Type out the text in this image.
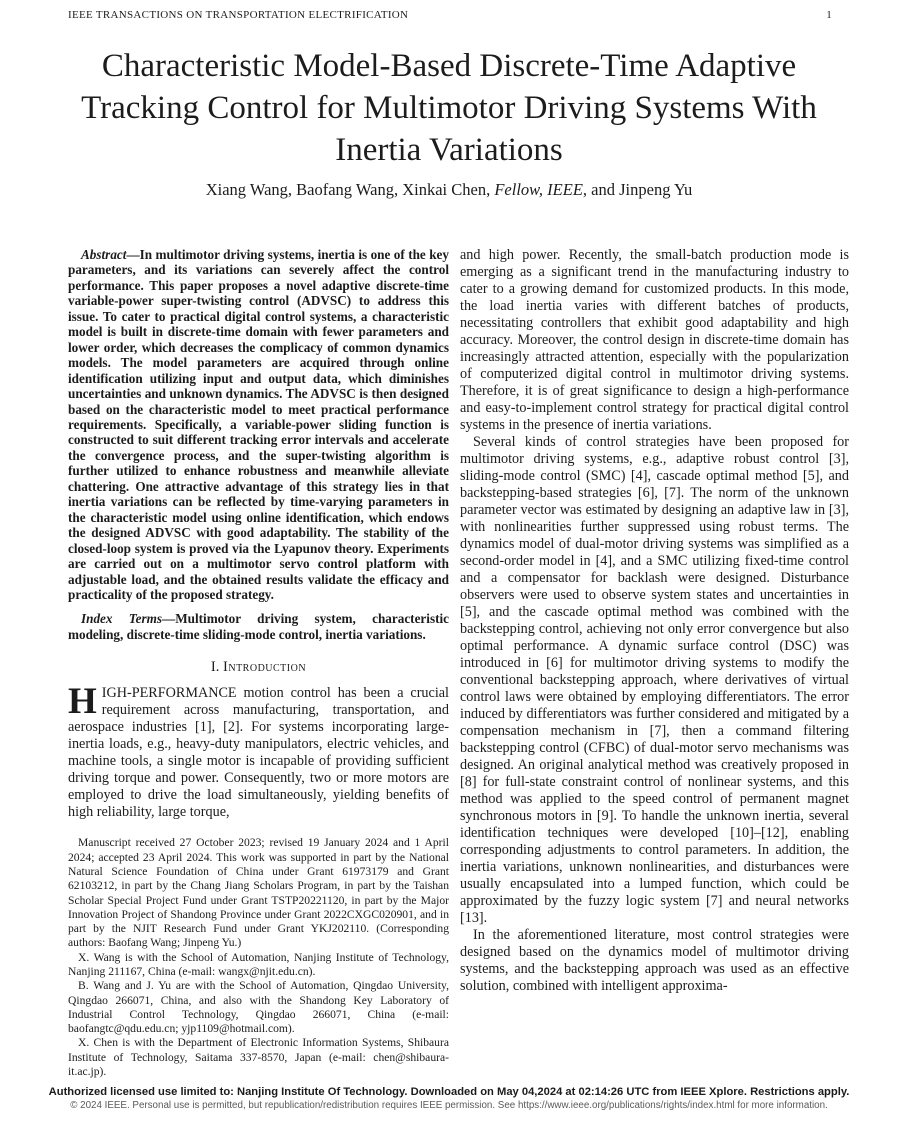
IEEE TRANSACTIONS ON TRANSPORTATION ELECTRIFICATION	1
Characteristic Model-Based Discrete-Time Adaptive Tracking Control for Multimotor Driving Systems With Inertia Variations
Xiang Wang, Baofang Wang, Xinkai Chen, Fellow, IEEE, and Jinpeng Yu

Abstract—In multimotor driving systems, inertia is one of the key parameters, and its variations can severely affect the control performance. This paper proposes a novel adaptive discrete-time variable-power super-twisting control (ADVSC) to address this issue. To cater to practical digital control systems, a characteristic model is built in discrete-time domain with fewer parameters and lower order, which decreases the complicacy of common dynamics models. The model parameters are acquired through online identification utilizing input and output data, which diminishes uncertainties and unknown dynamics. The ADVSC is then designed based on the characteristic model to meet practical performance requirements. Specifically, a variable-power sliding function is constructed to suit different tracking error intervals and accelerate the convergence process, and the super-twisting algorithm is further utilized to enhance robustness and meanwhile alleviate chattering. One attractive advantage of this strategy lies in that inertia variations can be reflected by time-varying parameters in the characteristic model using online identification, which endows the designed ADVSC with good adaptability. The stability of the closed-loop system is proved via the Lyapunov theory. Experiments are carried out on a multimotor servo control platform with adjustable load, and the obtained results validate the efficacy and practicality of the proposed strategy.

Index Terms—Multimotor driving system, characteristic modeling, discrete-time sliding-mode control, inertia variations.

I. Introduction

HIGH-PERFORMANCE motion control has been a crucial requirement across manufacturing, transportation, and aerospace industries [1], [2]. For systems incorporating large-inertia loads, e.g., heavy-duty manipulators, electric vehicles, and machine tools, a single motor is incapable of providing sufficient driving torque and power. Consequently, two or more motors are employed to drive the load simultaneously, yielding benefits of high reliability, large torque,

Manuscript received 27 October 2023; revised 19 January 2024 and 1 April 2024; accepted 23 April 2024. This work was supported in part by the National Natural Science Foundation of China under Grant 61973179 and Grant 62103212, in part by the Chang Jiang Scholars Program, in part by the Taishan Scholar Special Project Fund under Grant TSTP20221120, in part by the Major Innovation Project of Shandong Province under Grant 2022CXGC020901, and in part by the NJIT Research Fund under Grant YKJ202110. (Corresponding authors: Baofang Wang; Jinpeng Yu.)

X. Wang is with the School of Automation, Nanjing Institute of Technology, Nanjing 211167, China (e-mail: wangx@njit.edu.cn).

B. Wang and J. Yu are with the School of Automation, Qingdao University, Qingdao 266071, China, and also with the Shandong Key Laboratory of Industrial Control Technology, Qingdao 266071, China (e-mail: baofangtc@qdu.edu.cn; yjp1109@hotmail.com).

X. Chen is with the Department of Electronic Information Systems, Shibaura Institute of Technology, Saitama 337-8570, Japan (e-mail: chen@shibaura-it.ac.jp).

and high power. Recently, the small-batch production mode is emerging as a significant trend in the manufacturing industry to cater to a growing demand for customized products. In this mode, the load inertia varies with different batches of products, necessitating controllers that exhibit good adaptability and high accuracy. Moreover, the control design in discrete-time domain has increasingly attracted attention, especially with the popularization of computerized digital control in multimotor driving systems. Therefore, it is of great significance to design a high-performance and easy-to-implement control strategy for practical digital control systems in the presence of inertia variations.

Several kinds of control strategies have been proposed for multimotor driving systems, e.g., adaptive robust control [3], sliding-mode control (SMC) [4], cascade optimal method [5], and backstepping-based strategies [6], [7]. The norm of the unknown parameter vector was estimated by designing an adaptive law in [3], with nonlinearities further suppressed using robust terms. The dynamics model of dual-motor driving systems was simplified as a second-order model in [4], and a SMC utilizing fixed-time control and a compensator for backlash were designed. Disturbance observers were used to observe system states and uncertainties in [5], and the cascade optimal method was combined with the backstepping control, achieving not only error convergence but also optimal performance. A dynamic surface control (DSC) was introduced in [6] for multimotor driving systems to modify the conventional backstepping approach, where derivatives of virtual control laws were obtained by employing differentiators. The error induced by differentiators was further considered and mitigated by a compensation mechanism in [7], then a command filtering backstepping control (CFBC) of dual-motor servo mechanisms was designed. An original analytical method was creatively proposed in [8] for full-state constraint control of nonlinear systems, and this method was applied to the speed control of permanent magnet synchronous motors in [9]. To handle the unknown inertia, several identification techniques were developed [10]–[12], enabling corresponding adjustments to control parameters. In addition, the inertia variations, unknown nonlinearities, and disturbances were usually encapsulated into a lumped function, which could be approximated by the fuzzy logic system [7] and neural networks [13].

In the aforementioned literature, most control strategies were designed based on the dynamics model of multimotor driving systems, and the backstepping approach was used as an effective solution, combined with intelligent approxima-

Authorized licensed use limited to: Nanjing Institute Of Technology. Downloaded on May 04,2024 at 02:14:26 UTC from IEEE Xplore. Restrictions apply.
© 2024 IEEE. Personal use is permitted, but republication/redistribution requires IEEE permission. See https://www.ieee.org/publications/rights/index.html for more information.
